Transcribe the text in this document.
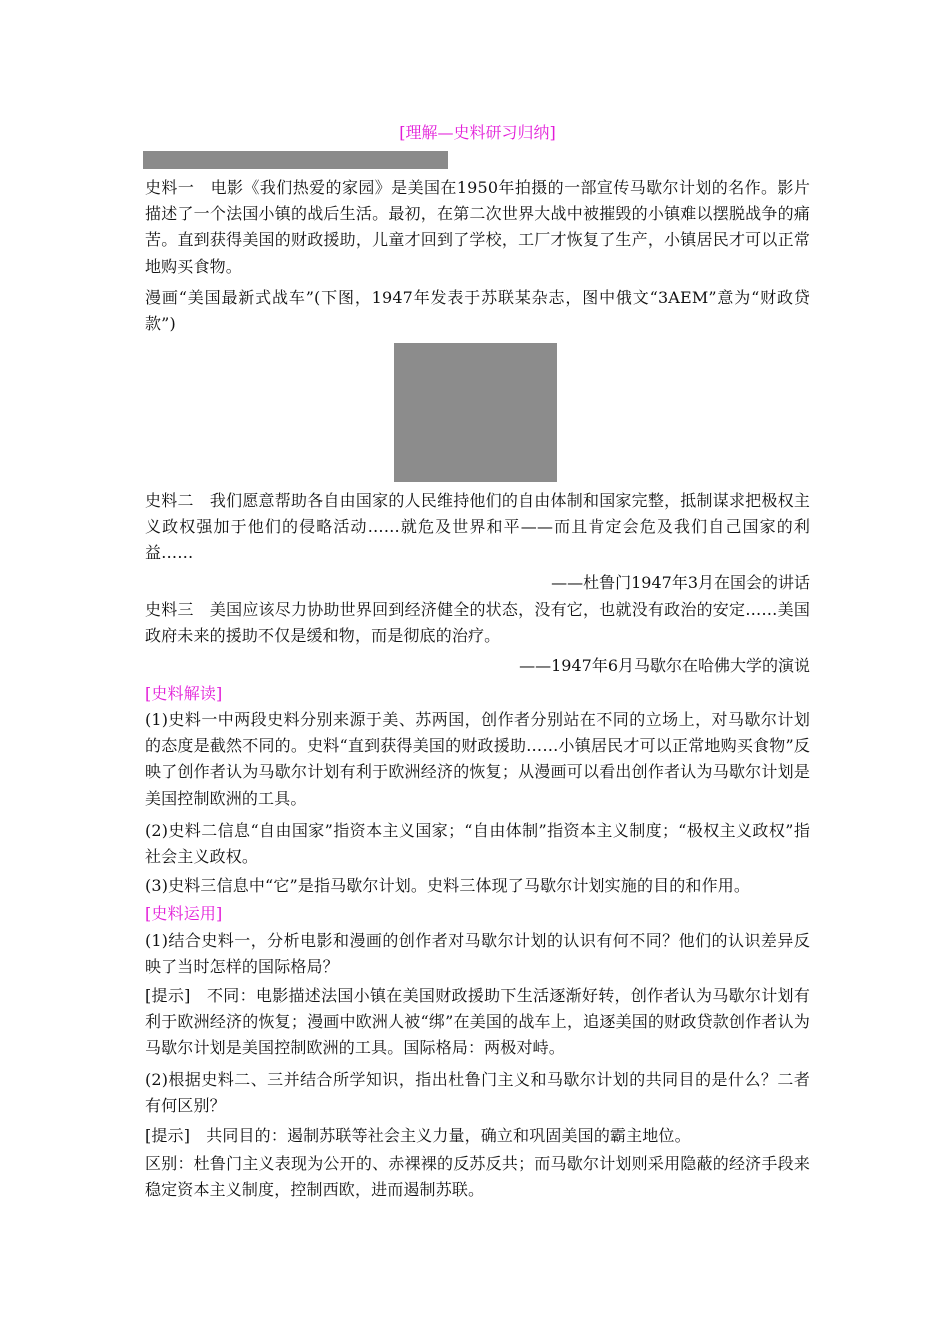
[理解—史料研习归纳]
史料一　电影《我们热爱的家园》是美国在1950年拍摄的一部宣传马歇尔计划的名作。影片描述了一个法国小镇的战后生活。最初，在第二次世界大战中被摧毁的小镇难以摆脱战争的痛苦。直到获得美国的财政援助，儿童才回到了学校，工厂才恢复了生产，小镇居民才可以正常地购买食物。
漫画“美国最新式战车”(下图，1947年发表于苏联某杂志，图中俄文“3AEM”意为“财政贷款”)
史料二　我们愿意帮助各自由国家的人民维持他们的自由体制和国家完整，抵制谋求把极权主义政权强加于他们的侵略活动……就危及世界和平——而且肯定会危及我们自己国家的利益……
——杜鲁门1947年3月在国会的讲话
史料三　美国应该尽力协助世界回到经济健全的状态，没有它，也就没有政治的安定……美国政府未来的援助不仅是缓和物，而是彻底的治疗。
——1947年6月马歇尔在哈佛大学的演说
[史料解读]
(1)史料一中两段史料分别来源于美、苏两国，创作者分别站在不同的立场上，对马歇尔计划的态度是截然不同的。史料“直到获得美国的财政援助……小镇居民才可以正常地购买食物”反映了创作者认为马歇尔计划有利于欧洲经济的恢复；从漫画可以看出创作者认为马歇尔计划是美国控制欧洲的工具。
(2)史料二信息“自由国家”指资本主义国家；“自由体制”指资本主义制度；“极权主义政权”指社会主义政权。
(3)史料三信息中“它”是指马歇尔计划。史料三体现了马歇尔计划实施的目的和作用。
[史料运用]
(1)结合史料一，分析电影和漫画的创作者对马歇尔计划的认识有何不同？他们的认识差异反映了当时怎样的国际格局？
[提示]　不同：电影描述法国小镇在美国财政援助下生活逐渐好转，创作者认为马歇尔计划有利于欧洲经济的恢复；漫画中欧洲人被“绑”在美国的战车上，追逐美国的财政贷款创作者认为马歇尔计划是美国控制欧洲的工具。国际格局：两极对峙。
(2)根据史料二、三并结合所学知识，指出杜鲁门主义和马歇尔计划的共同目的是什么？二者有何区别？
[提示]　共同目的：遏制苏联等社会主义力量，确立和巩固美国的霸主地位。
区别：杜鲁门主义表现为公开的、赤裸裸的反苏反共；而马歇尔计划则采用隐蔽的经济手段来稳定资本主义制度，控制西欧，进而遏制苏联。
